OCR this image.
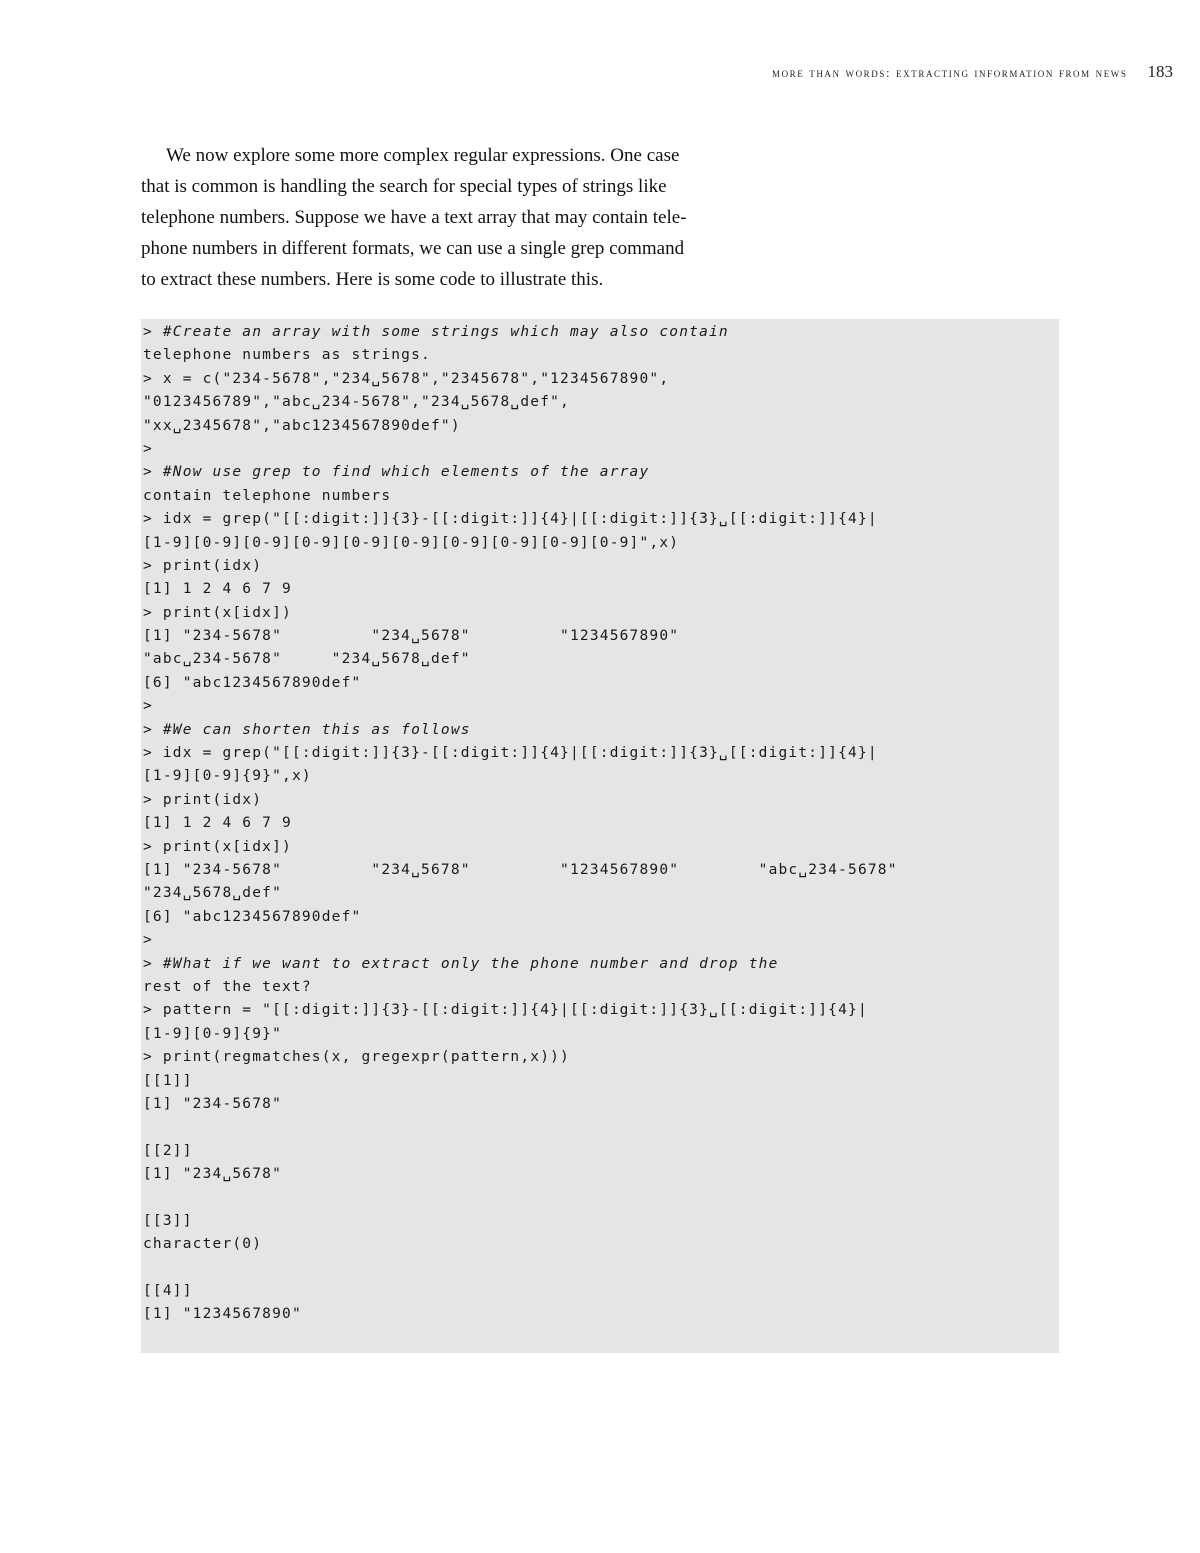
more than words: extracting information from news 183
We now explore some more complex regular expressions. One case
that is common is handling the search for special types of strings like
telephone numbers. Suppose we have a text array that may contain tele-
phone numbers in different formats, we can use a single grep command
to extract these numbers. Here is some code to illustrate this.
> #Create an array with some strings which may also contain
telephone numbers as strings.
> x = c("234-5678","234␣5678","2345678","1234567890",
"0123456789","abc␣234-5678","234␣5678␣def",
"xx␣2345678","abc1234567890def")
>
> #Now use grep to find which elements of the array
contain telephone numbers
> idx = grep("[[:digit:]]{3}-[[:digit:]]{4}|[[:digit:]]{3}␣[[:digit:]]{4}|
[1-9][0-9][0-9][0-9][0-9][0-9][0-9][0-9][0-9][0-9]",x)
> print(idx)
[1] 1 2 4 6 7 9
> print(x[idx])
[1] "234-5678"         "234␣5678"         "1234567890"
"abc␣234-5678"     "234␣5678␣def"
[6] "abc1234567890def"
>
> #We can shorten this as follows
> idx = grep("[[:digit:]]{3}-[[:digit:]]{4}|[[:digit:]]{3}␣[[:digit:]]{4}|
[1-9][0-9]{9}",x)
> print(idx)
[1] 1 2 4 6 7 9
> print(x[idx])
[1] "234-5678"         "234␣5678"         "1234567890"        "abc␣234-5678"
"234␣5678␣def"
[6] "abc1234567890def"
>
> #What if we want to extract only the phone number and drop the
rest of the text?
> pattern = "[[:digit:]]{3}-[[:digit:]]{4}|[[:digit:]]{3}␣[[:digit:]]{4}|
[1-9][0-9]{9}"
> print(regmatches(x, gregexpr(pattern,x)))
[[1]]
[1] "234-5678"
[[2]]
[1] "234␣5678"
[[3]]
character(0)
[[4]]
[1] "1234567890"
